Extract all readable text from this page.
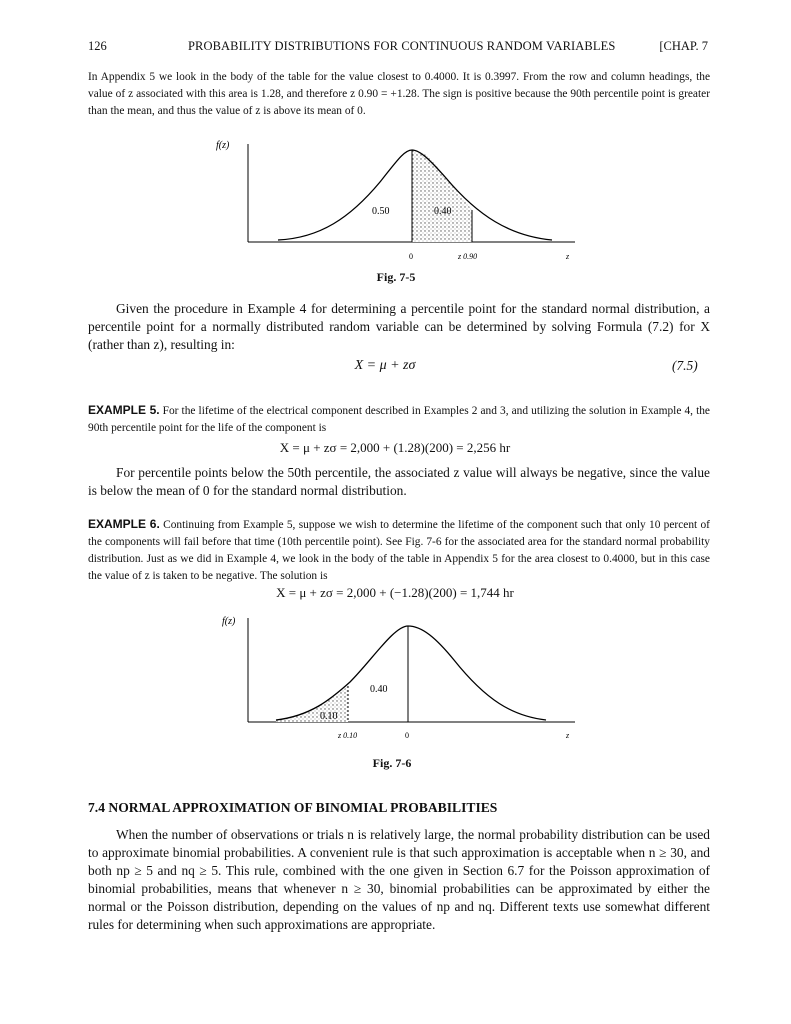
126	PROBABILITY DISTRIBUTIONS FOR CONTINUOUS RANDOM VARIABLES	[CHAP. 7
In Appendix 5 we look in the body of the table for the value closest to 0.4000. It is 0.3997. From the row and column headings, the value of z associated with this area is 1.28, and therefore z 0.90 = +1.28. The sign is positive because the 90th percentile point is greater than the mean, and thus the value of z is above its mean of 0.
f(z)
0.50	0.40
0	z 0.90	z
Fig. 7-5
Given the procedure in Example 4 for determining a percentile point for the standard normal distribution, a percentile point for a normally distributed random variable can be determined by solving Formula (7.2) for X (rather than z), resulting in:
X = μ + zσ	(7.5)
EXAMPLE 5. For the lifetime of the electrical component described in Examples 2 and 3, and utilizing the solution in Example 4, the 90th percentile point for the life of the component is
X = μ + zσ = 2,000 + (1.28)(200) = 2,256 hr
For percentile points below the 50th percentile, the associated z value will always be negative, since the value is below the mean of 0 for the standard normal distribution.
EXAMPLE 6. Continuing from Example 5, suppose we wish to determine the lifetime of the component such that only 10 percent of the components will fail before that time (10th percentile point). See Fig. 7-6 for the associated area for the standard normal probability distribution. Just as we did in Example 4, we look in the body of the table in Appendix 5 for the area closest to 0.4000, but in this case the value of z is taken to be negative. The solution is
X = μ + zσ = 2,000 + (−1.28)(200) = 1,744 hr
f(z)
0.40
0.10
z 0.10	0	z
Fig. 7-6
7.4 NORMAL APPROXIMATION OF BINOMIAL PROBABILITIES
When the number of observations or trials n is relatively large, the normal probability distribution can be used to approximate binomial probabilities. A convenient rule is that such approximation is acceptable when n ≥ 30, and both np ≥ 5 and nq ≥ 5. This rule, combined with the one given in Section 6.7 for the Poisson approximation of binomial probabilities, means that whenever n ≥ 30, binomial probabilities can be approximated by either the normal or the Poisson distribution, depending on the values of np and nq. Different texts use somewhat different rules for determining when such approximations are appropriate.
